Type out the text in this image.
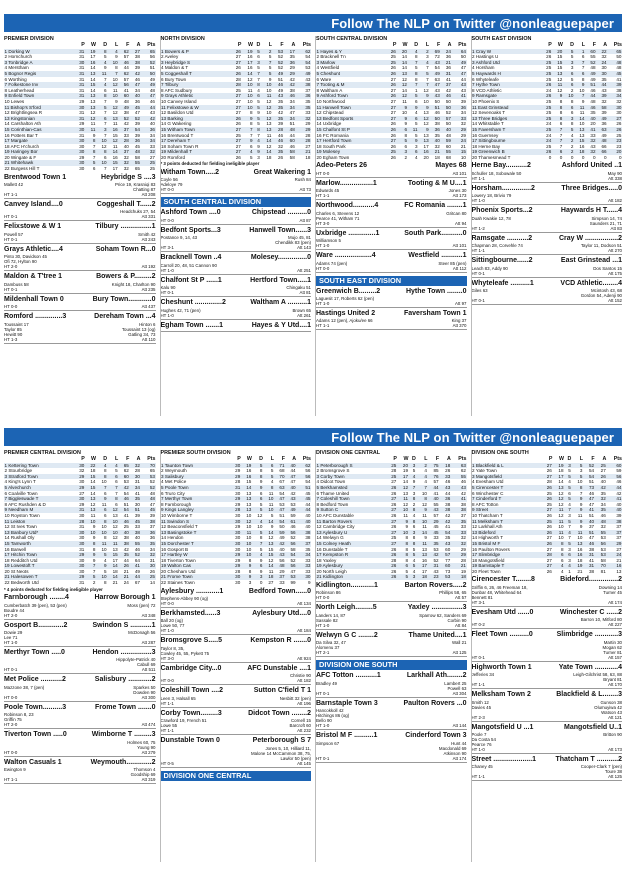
Follow The NLP on Twitter @nonleaguepaper
PREMIER DIVISION
	P	W	D	L	F	A	Pts
1 Dorking W	31	19	8	4	62	27	65
2 Hornchurch	31	17	5	9	57	38	56
3 Tonbridge A	30	16	4	10	46	38	52
4 Merstham	31	14	9	8	44	39	51
5 Bognor Regis	31	13	11	7	62	42	50
6 Worthing	31	14	7	10	57	46	49
7 Folkestone Inv	31	15	4	12	56	47	49
8 Leatherhead	31	14	6	11	41	34	48
9 Enfield Town	31	13	8	10	60	40	47
10 Lewes	29	13	7	9	48	36	46
11 Bishop's S'ford	30	13	5	12	49	45	44
12 Brightlingsea R	31	12	7	12	38	47	43
13 Kingstonian	31	12	6	13	52	52	42
14 Carshalton Ath	29	11	7	11	42	39	40
15 Corinthian-Cas	30	11	3	16	37	54	36
16 Potters Bar T	31	9	7	15	33	39	34
17 Margate	30	8	10	12	28	36	34
18 AFC H'church	30	7	12	11	40	45	33
19 Haringey Bor	30	8	8	14	37	48	32
20 Wingate & F	29	7	6	16	32	58	27
21 Whitehawk	30	5	10	15	32	55	25
22 Burgess Hill T	30	6	7	17	32	65	25
Brentwood Town 1	Heybridge S ....3
Mallett 42	Price 19, Krasniqi 83
Chatting 87
HT 1-1	Att 208
Canvey Island....0	Coggeshall T......2
Headchuks 2?, 54
HT 0-1	Att 331
Felixstowe & W 1	Tilbury ................1
Powell 57	Smith 42
HT 0-1	Att 243
Grays Athletic....4	Soham Town R...0
Pinto 30, Davidson 45
Ofi 72, Hylton 90
HT 2-0	Att 192
Maldon & T'tree 1	Bowers & P.........2
Dambuss 58	Knight 18, Charlton 90
HT 0-1	Att 235
Mildenhall Town 0	Bury Town............0
HT 0-0	Att 437
Romford ..............3	Dereham Town ...4
Toussaint 17	Hinton 6
Taylor 85	Toussaint 13 (og)
Hewitt 90	Gatling 34, 73
HT 1-3	Att 110
NORTH DIVISION
	P	W	D	L	F	A	Pts
1 Bowers & P	26	19	5	2	53	17	62
2 Aveley	27	16	6	5	52	35	54
3 Heybridge S	27	17	3	7	52	36	54
4 Maldon & T	26	16	5	5	52	29	53
5 Coggeshall T	26	14	7	5	49	29	49
6 Bury Town	28	12	7	9	51	42	43
7 Tilbury	28	10	8	10	46	42	38
8 AFC Sudbury	25	11	4	10	49	38	37
9 Grays Athletic	27	10	6	11	43	46	36
10 Canvey Island	27	10	5	12	35	34	35
11 Felixstowe & W	27	10	5	12	35	34	35
12 Basildon Utd	27	8	9	10	42	47	33
13 Barking	26	9	5	12	35	34	32
14 G Wakering	26	8	5	13	39	51	29
15 Witham Town	27	7	8	13	28	48	29
16 Brentwood T	25	7	7	11	46	44	28
17 Dereham T	27	9	4	14	46	60	28
18 Soham Town R	27	6	9	12	32	46	27
19 Mildenhall T	27	4	9	14	35	58	21
20 Romford	26	5	3	18	26	58	18
* 3 points deducted for fielding ineligible player
Witham Town.....2	Great Wakering 1
Coyle 56	Rush 84
Adeloye 79
HT 0-0	Att 73
SOUTH CENTRAL DIVISION
Ashford Town ....0	Chipstead ..........0
HT 0-0	Att 87
Bedfont Sports...3	Hanwell Town......3
Postance 9, 14, 43	Mujo 45, 81
Chendikk 83 (pen)
HT 3-1	Att 143
Bracknell Town ..4	Molesey...............0
Carroll 20, 48, 51 Cannon 90
HT 1-0	Att 251
Chalfont St P ......1	Hertford Town.....1
Kalu 90	Chingaku 51
HT 0-1	Att 81
Cheshunt ..............2	Waltham A ..........1
Hughes 42, 71 (pen)	Brown 65
HT 1-0	Att 261
Egham Town .......1	Hayes & Y Utd....1
SOUTH CENTRAL DIVISION
	P	W	D	L	F	A	Pts
1 Hayes & Y	26	20	4	2	69	24	64
2 Bracknell Tn	25	14	8	3	72	36	50
3 Marlow	25	14	7	4	43	21	49
4 Westfield	26	14	5	7	54	36	47
5 Cheshunt	26	13	8	5	49	31	47
6 Ware	27	12	8	7	63	41	44
7 Tooting & M	26	12	7	7	47	37	43
8 Waltham A	27	14	1	12	43	42	43
9 Ashford Town	26	12	5	9	43	46	41
10 Northwood	27	11	6	10	50	50	39
11 Hanwell Town	27	9	9	9	51	50	36
12 Chipstead	27	10	4	13	46	52	34
13 Bedfont Sports	27	9	6	12	50	57	33
14 Uxbridge	26	9	5	12	38	50	32
15 Chalfont St P	26	6	11	9	36	40	29
16 FC Romania	26	8	5	13	35	48	29
17 Hertford Town	27	5	9	13	40	59	24
18 South Park	26	6	3	17	32	60	21
19 Molesey	25	3	6	16	21	55	15
20 Egham Town	26	2	4	20	18	68	10
Adeo-Peters 26	Mayes 68
HT 0-0	Att 101
Marlow.................1	Tooting & M U....1
Edwards 45	Jones 30
HT 1-1	Att 173
Northwood...........4	FC Romania ........1
Charles 6, Stevens 12	Gritcan 80
Pearce 41, Witham 71
HT 3-0	Att 94
Uxbridge ..............1	South Park...........0
Williamson 5
HT 1-0	Att 101
Ware ...................4	Westfield ...........1
Adams 74 (pen)	Steer 85 (pen)
HT 0-0	Att 112
SOUTH EAST DIVISION
Greenwich B.........2	Hythe Town ........0
Laguesit 17, Roberts 62 (pen)
HT 1-0	Att 97
Hastings United 2	Faversham Town 1
Adams 12 (pen), Ajoku/ee 66	King 37
HT 1-1	Att 370
SOUTH EAST DIVISION
	P	W	D	L	F	A	Pts
1 Cray W	26	20	5	1	60	22	65
2 Hastings U	26	15	5	6	55	32	50
3 Ashford Utd	25	15	3	7	52	24	48
4 Horsham	25	15	3	7	48	30	48
5 Haywards H	25	13	6	6	49	30	45
6 Whyteleafe	25	12	5	8	49	35	41
7 Hythe Town	26	11	6	9	51	44	39
8 VCD Athletic	24	12	2	10	46	43	38
9 Ramsgate	26	9	10	7	44	39	34
10 Phoenix S	25	8	8	9	48	32	32
11 East Grinstead	25	8	6	11	46	58	30
12 Sevenoaks T	25	8	6	11	35	39	30
13 Three Bridges	25	8	3	14	40	49	27
14 Whitstable T	24	6	8	10	20	36	26
15 Faversham T	25	7	5	13	41	63	26
16 Guernsey	24	7	4	13	33	49	25
17 Sittingbourne	24	7	2	15	32	48	23
18 Herne Bay	25	7	2	16	43	66	23
19 Greenwich B	26	6	2	18	32	66	20
20 Thamesmead T	0	0	0	0	0	0	0
Herne Bay...........2	Ashford United ..1
Schuller 18, Sobowale 50	May 90
HT 1-1	Att 338
Horsham...............2	Three Bridges.....0
Lowery 18, Brivio 79
HT 1-0	Att 182
Phoenix Sports...2	Haywards H T......4
Duah Kwakie 12, 78	Simpson 14, 74
Saunders 21, 71
HT 1-2	Att 83
Ramsgate ...........2	Cray W .................2
Chapman 28, Corvehle 74	Taylor 11, Dodson 51
HT 1-1	Att 270
Sittingbourne......2	East Grinstead ...1
Leach 83, Addy 90	Dos Santos 15
HT 0-1	Att 175
Whyteleafe ..........1	VCD Athletic........4
Giles 63	Mcintosh 43, 68
Gordon 54, Adenji 90
HT 0-1	Att 152
Follow The NLP on Twitter @nonleaguepaper
PREMIER CENTRAL DIVISION
	P	W	D	L	F	A	Pts
1 Kettering Town	30	22	4	4	65	32	70
2 Stourbridge	32	18	8	5	62	28	65
3 Stratford Town	29	15	8	6	60	30	53
4 King's Lynn T	30	14	10	6	53	31	52
5 Alvechurch	29	15	7	7	42	34	52
6 Coalville Town	27	14	6	7	54	41	48
7 Biggleswade T	30	13	9	8	46	35	48
8 AFC Rushden & D	29	12	11	6	51	30	47
9 Needham M	31	13	6	12	54	51	45
10 Royston Town	30	11	6	13	41	39	39
11 Leiston	28	10	8	10	46	45	38
12 St Ives Town	31	9	10	12	25	33	37
13 Banbury Utd*	30	10	10	10	40	38	36
14 Rushall Oly	30	9	8	12	38	40	36
15 Tamworth	30	8	11	11	38	55	35
16 Barwell	31	8	10	13	42	46	34
17 Hitchin Town	29	9	5	15	35	52	32
18 Redditch Utd	30	9	4	17	44	64	31
19 Lowestoft T	30	7	9	14	26	41	30
20 St Neots	30	7	5	18	21	49	26
21 Halesowen T	29	5	10	14	21	44	25
22 Bedworth Utd	31	2	8	21	24	67	14
* 4 points deducted for fielding ineligible player
Farnborough ........4	Harrow Borough 1
Cumberbatch 39 (pen), 53 (pen)	Moss (pen) 72
Boudre 44
HT 2-0	Att 348
Gosport B.............2	Swindon S ...........1
Dowie 29	McDonagh 56
Lee 71
HT 1-0	Att 287
Merthyr Town .....0	Hendon ................3
Hippolyte-Patrick 40
Cabull 69
HT 0-1	Att 511
Met Police ...........2	Salisbury ............2
Mazzone 38, 7 (pen)	Sparkes 50
Dowden 90
HT 0-0	Att 300
Poole Town..........3	Frome Town .......0
Robinson 8, 23
Griffin 75
HT 2-0	Att 474
Tiverton Town .....0	Wimborne T .........3
Holmes 60, 75
Young 90
HT 0-0	Att 279
Walton Casuals 1	Weymouth.............2
Ewington 9	Thomson 4
Goodship 69
HT 1-1	Att 319
PREMIER SOUTH DIVISION
	P	W	D	L	F	A	Pts
1 Taunton Town	30	19	5	6	71	40	62
2 Weymouth	29	16	8	5	68	44	56
3 Salisbury	29	16	8	5	70	47	56
4 Met Police	28	15	9	4	67	47	54
5 Poole Town	31	14	9	8	63	40	51
6 Truro City	30	13	6	11	54	42	45
7 Merthyr Town	29	13	6	10	47	43	45
8 Farnborough	29	13	5	11	53	53	44
9 Kings Langley	28	13	5	10	47	49	44
10 Wimborne T	30	10	12	5	51	59	40
11 Swindon S	30	12	4	14	54	61	40
12 Beaconsfield T	29	10	10	9	50	46	40
13 Basingstoke T	30	11	5	14	59	56	38
14 Hendon	30	10	8	12	49	52	38
15 Dorchester T	30	10	7	13	42	56	37
16 Gosport B	30	10	5	15	40	58	35
17 Hartley W	29	10	4	15	43	54	34
18 Tiverton Town	29	8	9	12	56	52	33
19 Walton Cas	29	9	6	14	48	56	33
20 Chesham Utd	28	8	9	11	29	47	33
21 Frome Town	30	9	3	18	37	53	30
22 Staines Town	30	3	0	27	33	99	9
Aylesbury ............1	Bedford Town......0
Stephens-Abbey 90 (og)
HT 0-0	Att 134
Berkhamsted......3	Aylesbury Utd....0
Ball 20 (og)
Lowe 50, 77
HT 1-0	Att 184
Bromsgrove S.....5	Kempston R .......0
Taylor 8, 35,
Cowley 45, 55, Pykett 75
HT 3-0	Att 924
Cambridge City...0	AFC Dunstable ....1
Christie 90
HT 0-0	Att 182
Coleshill Town ....2	Sutton C'field T 1
Leen 3, Halsall 65	Nesbitt 32 (pen)
HT 1-1	Att 196
Corby Town.........3	Didcot Town ........2
Crawford 19, French 51	Cornell 15
Lowe 55	Barcroft 60
HT 1-1	Att 232
Dunstable Town 0	Peterborough S 7
Jones 5, 10, Hilliard 11,
Malone 14 McCammon 38, 75,
Lawlor 50 (pen)
HT 0-5	Att 145
DIVISION ONE CENTRAL
DIVISION ONE CENTRAL
	P	W	D	L	F	A	Pts
1 Peterborough S	25	20	3	2	75	18	63
2 Bromsgrove S	28	19	5	4	85	26	62
3 Corby Town	25	17	4	4	76	33	55
4 Didcot Town	27	14	9	4	57	46	46
5 Berkhamsted	26	12	7	7	44	43	43
6 Thame United	26	13	3	10	41	44	42
7 Coleshill Town	27	11	8	8	40	36	41
8 Bedford Town	26	12	2	12	55	38	38
9 Sutton C	27	10	8	9	43	38	38
10 AFC Dunstable	26	11	4	11	57	42	37
11 Barton Rovers	27	9	8	10	29	42	35
12 Cambridge City	26	9	6	11	45	41	33
13 Aylesbury U	27	10	3	14	45	54	33
14 Welwyn G	25	8	8	9	33	35	32
15 Colney Heath	27	8	8	11	35	43	32
16 Dunstable T	26	8	5	13	53	60	29
17 Kempston R	26	8	5	13	42	57	29
18 Yaxley	28	8	4	16	52	77	28
19 Aylesbury	26	6	5	17	31	60	21
20 North Leigh	26	5	4	17	43	73	19
21 Kidlington	26	5	3	18	23	53	18
Kidlington............1	Barton Rovers.....2
Robinson 86	Phillips 58, 65
HT 0-0	Att 57
North Leigh.........5	Yaxley ................3
Landers 14, 87	Sparrow 62, Sanders 69
Sassale 82	Corbin 90
HT 1-0	Att 84
Welwyn G C ........2	Thame United....1
Da Silva 32, 47	Wall 21
Alomenu 37
HT 2-1	Att 125
DIVISION ONE SOUTH
AFC Totton ...........1	Larkhall Ath........2
Bradley 49	Lambert 25
Powell 63
HT 0-1	Att 304
Barnstaple Town 3	Paulton Rovers ...0
Hancokkoll 42
Hitchings 86 (og)
Bello 90
HT 1-0	Att 144
Bristol M F ..........1	Cinderford Town 3
Simpson 67	Hunt 44
Macdonald 69
Atkinson 90
HT 0-1	Att 174
DIVISION ONE SOUTH
	P	W	D	L	F	A	Pts
1 Blackfield & L	27	19	3	5	52	25	60
2 Yate Town	26	18	5	3	54	27	59
3 Mangotsfield	27	17	5	5	54	26	56
4 Evesham Utd	28	14	4	10	51	40	46
5 Cirencester T	26	13	5	8	73	42	44
6 Winchester C	25	12	6	7	46	35	42
7 Cinderford T	26	12	5	9	47	32	41
8 AFC Totton	25	12	4	9	47	34	40
9 Street	27	11	7	9	41	35	40
10 Thatcham T	26	12	3	11	51	46	39
11 Melksham T	25	11	5	9	40	48	38
12 Larkhall Ath	26	10	7	9	37	32	37
13 Bideford	26	11	4	11	51	55	37
14 Highworth T	27	10	7	10	47	53	37
15 Bristol M F	26	8	5	13	46	56	29
16 Paulton Rovers	27	8	3	16	38	53	27
17 Slimbridge	28	6	6	16	31	53	24
18 Mangotsfield	27	6	3	18	41	58	21
19 Barnstaple T	27	4	4	19	31	70	16
20 Fleet Town	26	4	1	21	38	81	13
Cirencester T........8	Bideford...............2
Griffin 6, 26, 46 Freeman 18,	Downing 14
Dunbar 48, Whitehead 64	Turner 45
Bennett 81
HT 3-1	Att 174
Evesham Utd ......0	Winchester C ......2
Barron 10, Mitford 80
HT 0-2	Att 227
Fleet Town ..........0	Slimbridge ............3
Martin 30
Mogan 62
Turner 81
HT 0-1	Att 157
Highworth Town 1	Yate Town ............4
Jefferies 34	Leigh-Gilchrist 58, 63, 88
Bryant 81
HT 1-1	Att 170
Melksham Town 2	Blackfield & L........3
Smith 12	Gunson 38
Davies 45	Olumuyiwa 42
Watson 43
HT 2-3	Att 121
Mangotsfield U ...1	Mangotsfield U..1
Poole 7	Britton 90
Da Costa 54
Pearce 76
HT 1-0	Att 173
Street ....................1	Thatcham T ...........2
Chaney 45	Cooper-Clark 7 (pen)
Toure 38
HT 1-1	Att 125
